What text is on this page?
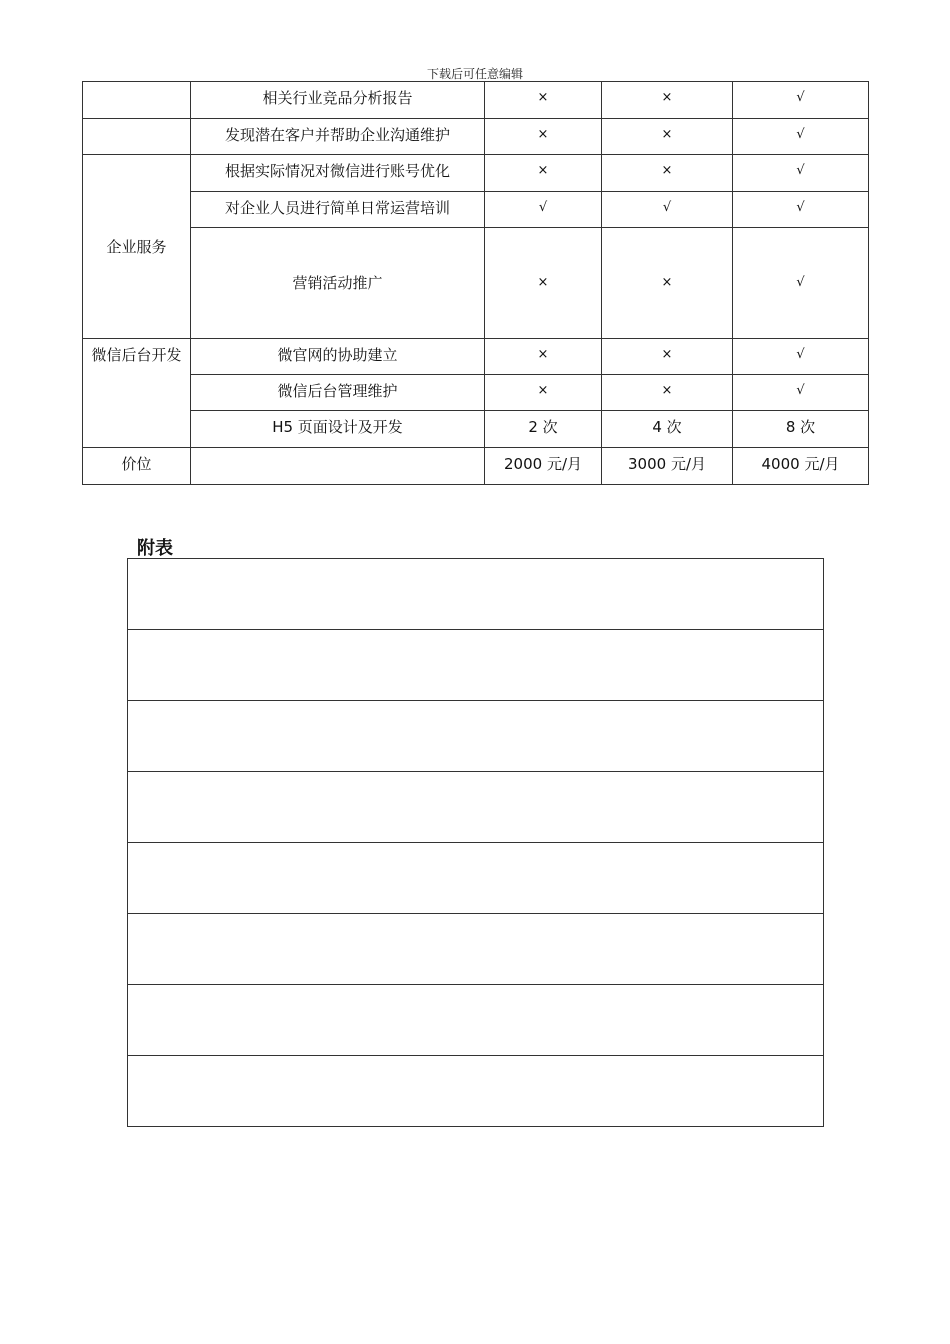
下载后可任意编辑
	相关行业竞品分析报告	×	×	√
	发现潜在客户并帮助企业沟通维护	×	×	√
企业服务	根据实际情况对微信进行账号优化	×	×	√
	对企业人员进行简单日常运营培训	√	√	√
	营销活动推广	×	×	√
微信后台开发	微官网的协助建立	×	×	√
	微信后台管理维护	×	×	√
	H5 页面设计及开发	2 次	4 次	8 次
价位		2000 元/月	3000 元/月	4000 元/月
附表
